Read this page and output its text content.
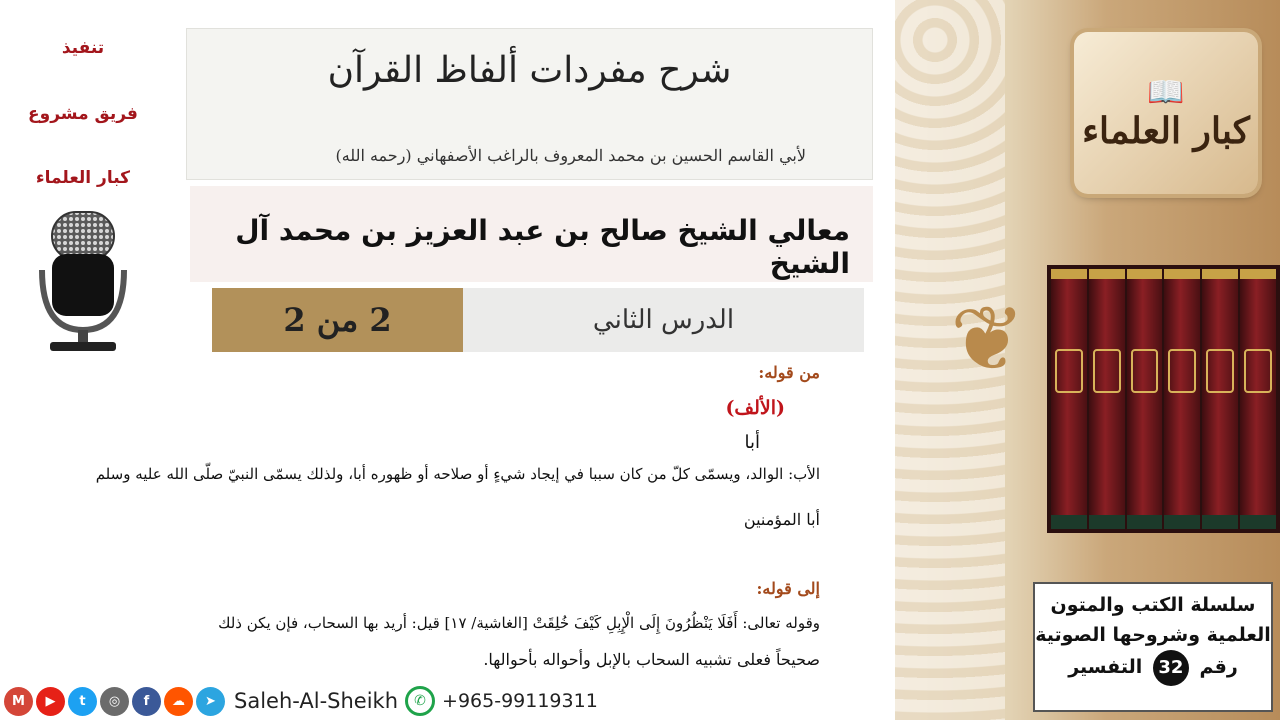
❦
📖
كبار العلماء
سلسلة الكتب والمتون
العلمية وشروحها الصوتية
رقم 32 التفسير
تنفيذ
فريق مشروع
كبار العلماء
شرح مفردات ألفاظ القرآن
لأبي القاسم الحسين بن محمد المعروف بالراغب الأصفهاني (رحمه الله)
معالي الشيخ صالح بن عبد العزيز بن محمد آل الشيخ
الدرس الثاني
2 من 2
من قوله:
(الألف)
أبا
الأب: الوالد، ويسمّى كلّ من كان سببا في إيجاد شيءٍ أو صلاحه أو ظهوره أبا، ولذلك يسمّى النبيّ صلّى الله عليه وسلم
أبا المؤمنين
إلى قوله:
وقوله تعالى: أَفَلَا يَنْظُرُونَ إِلَى الْإِبِلِ كَيْفَ خُلِقَتْ [الغاشية/ ١٧] قيل: أريد بها السحاب، فإن يكن ذلك
صحيحاً فعلى تشبيه السحاب بالإبل وأحواله بأحوالها.
M	▶	t	◎	f	☁	➤ Saleh-Al-Sheikh	✆ +965-99119311
